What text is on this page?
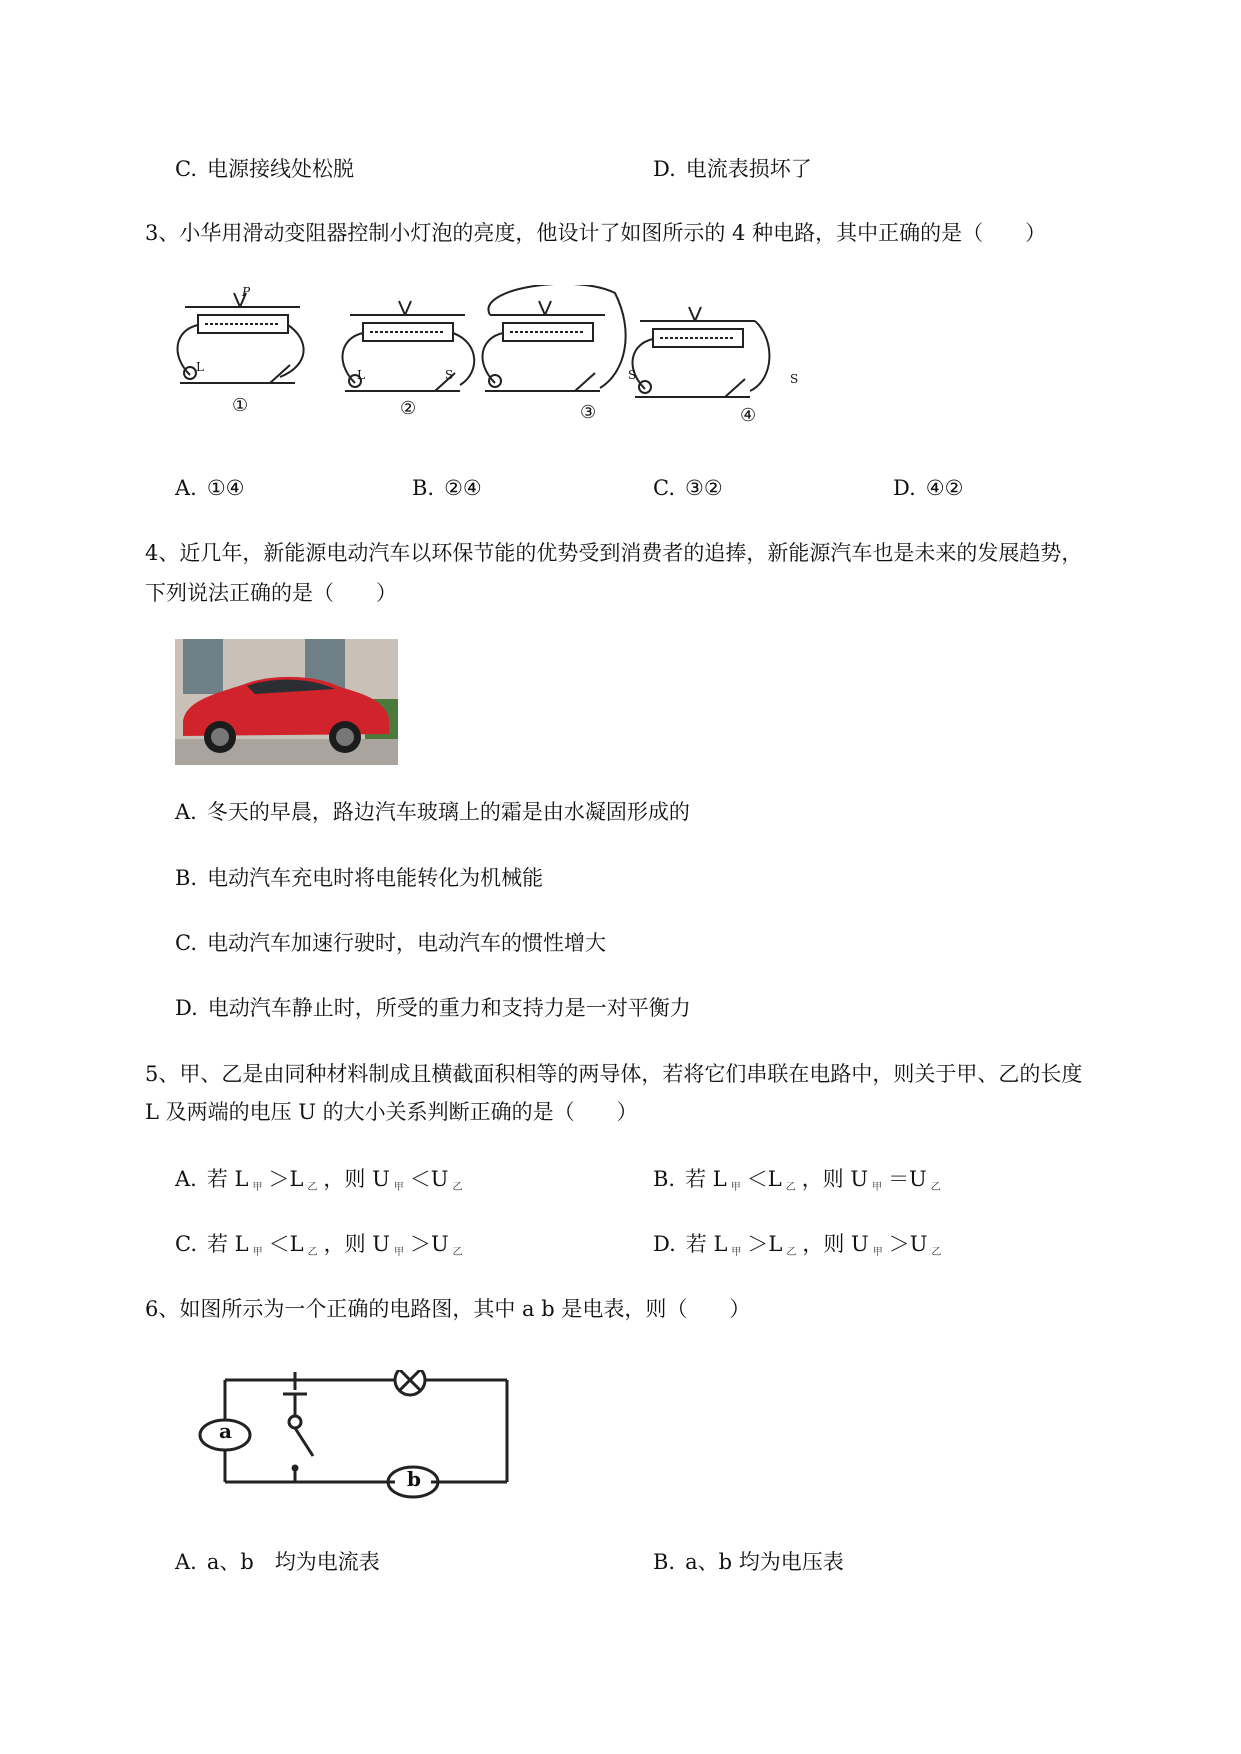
C. 电源接线处松脱	D. 电流表损坏了
3、小华用滑动变阻器控制小灯泡的亮度，他设计了如图所示的 4 种电路，其中正确的是（　　）
P
L
L	S	S	S
①	②	③	④
A. ①④	B. ②④	C. ③②	D. ④②
4、近几年，新能源电动汽车以环保节能的优势受到消费者的追捧，新能源汽车也是未来的发展趋势，
下列说法正确的是（　　）
A. 冬天的早晨，路边汽车玻璃上的霜是由水凝固形成的
B. 电动汽车充电时将电能转化为机械能
C. 电动汽车加速行驶时，电动汽车的惯性增大
D. 电动汽车静止时，所受的重力和支持力是一对平衡力
5、甲、乙是由同种材料制成且横截面积相等的两导体，若将它们串联在电路中，则关于甲、乙的长度
L 及两端的电压 U 的大小关系判断正确的是（　　）
A. 若 L 甲 ＞L 乙 ，则 U 甲 ＜U 乙	B. 若 L 甲 ＜L 乙 ，则 U 甲 ＝U 乙
C. 若 L 甲 ＜L 乙 ，则 U 甲 ＞U 乙	D. 若 L 甲 ＞L 乙 ，则 U 甲 ＞U 乙
6、如图所示为一个正确的电路图，其中 a b 是电表，则（　　）
a
b
A. a、b　均为电流表	B. a、b 均为电压表
